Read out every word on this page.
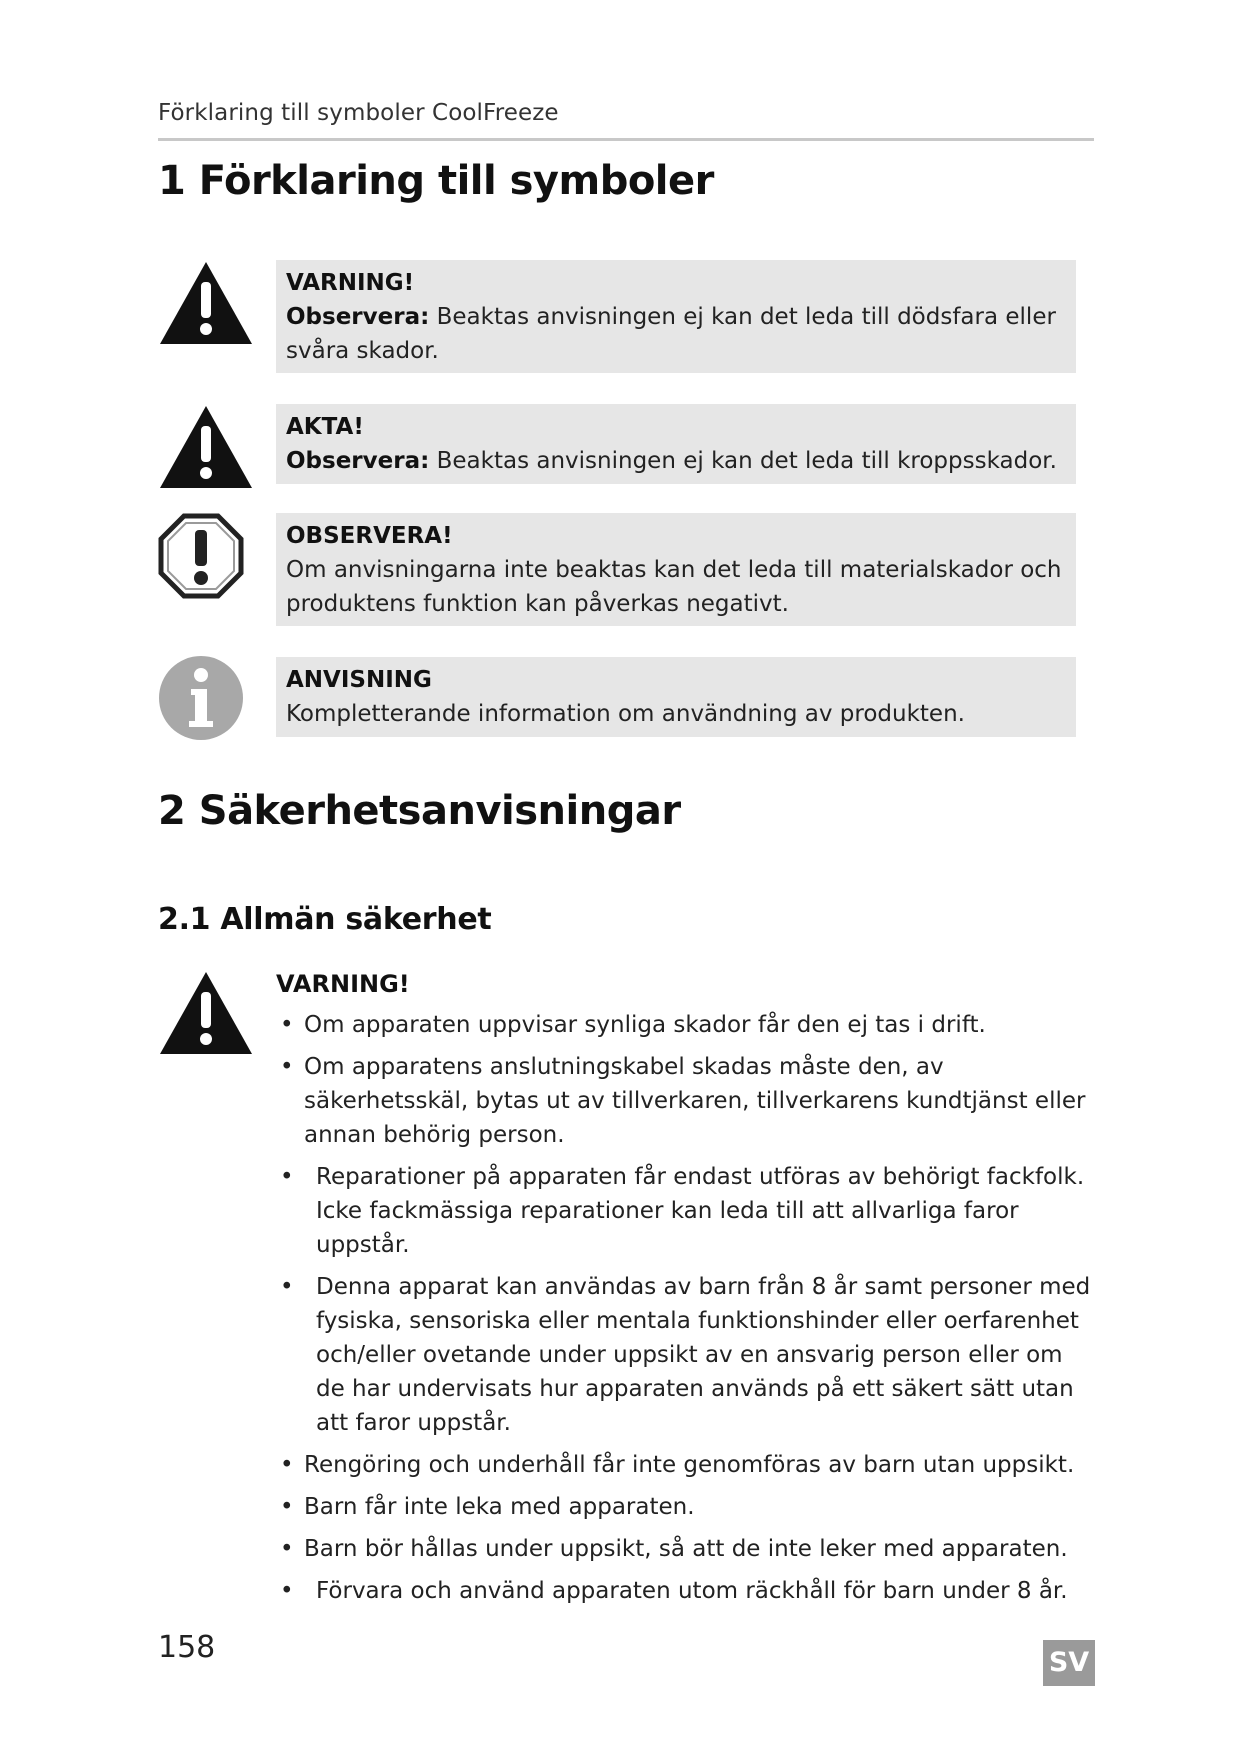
Förklaring till symboler CoolFreeze
1 Förklaring till symboler
VARNING!
Observera: Beaktas anvisningen ej kan det leda till dödsfara eller svåra skador.
AKTA!
Observera: Beaktas anvisningen ej kan det leda till kroppsskador.
OBSERVERA!
Om anvisningarna inte beaktas kan det leda till materialskador och produktens funktion kan påverkas negativt.
ANVISNING
Kompletterande information om användning av produkten.
2 Säkerhetsanvisningar
2.1 Allmän säkerhet
VARNING!
• Om apparaten uppvisar synliga skador får den ej tas i drift.
• Om apparatens anslutningskabel skadas måste den, av säkerhetsskäl, bytas ut av tillverkaren, tillverkarens kundtjänst eller annan behörig person.
• Reparationer på apparaten får endast utföras av behörigt fackfolk. Icke fackmässiga reparationer kan leda till att allvarliga faror uppstår.
• Denna apparat kan användas av barn från 8 år samt personer med fysiska, sensoriska eller mentala funktionshinder eller oerfarenhet och/eller ovetande under uppsikt av en ansvarig person eller om de har undervisats hur apparaten används på ett säkert sätt utan att faror uppstår.
• Rengöring och underhåll får inte genomföras av barn utan uppsikt.
• Barn får inte leka med apparaten.
• Barn bör hållas under uppsikt, så att de inte leker med apparaten.
• Förvara och använd apparaten utom räckhåll för barn under 8 år.
158	SV
